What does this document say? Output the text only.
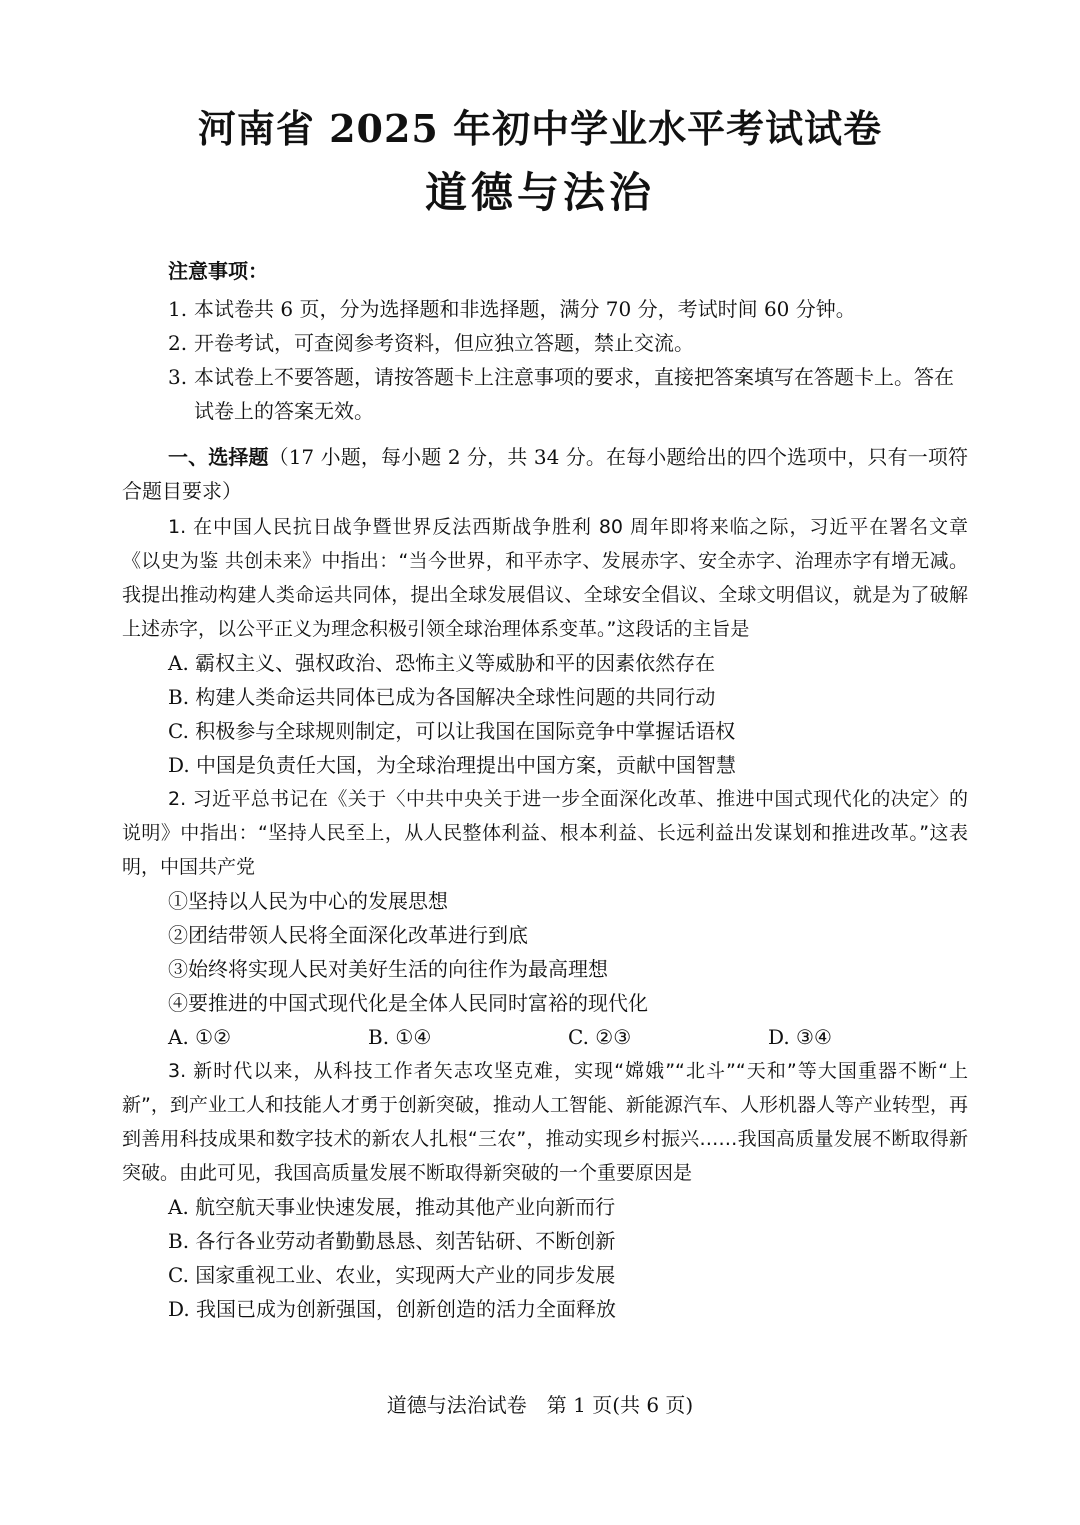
河南省 2025 年初中学业水平考试试卷
道德与法治
注意事项：
1. 本试卷共 6 页，分为选择题和非选择题，满分 70 分，考试时间 60 分钟。
2. 开卷考试，可查阅参考资料，但应独立答题，禁止交流。
3. 本试卷上不要答题，请按答题卡上注意事项的要求，直接把答案填写在答题卡上。答在试卷上的答案无效。

一、选择题（17 小题，每小题 2 分，共 34 分。在每小题给出的四个选项中，只有一项符合题目要求）

1. 在中国人民抗日战争暨世界反法西斯战争胜利 80 周年即将来临之际，习近平在署名文章《以史为鉴 共创未来》中指出：“当今世界，和平赤字、发展赤字、安全赤字、治理赤字有增无减。我提出推动构建人类命运共同体，提出全球发展倡议、全球安全倡议、全球文明倡议，就是为了破解上述赤字，以公平正义为理念积极引领全球治理体系变革。”这段话的主旨是

A. 霸权主义、强权政治、恐怖主义等威胁和平的因素依然存在

B. 构建人类命运共同体已成为各国解决全球性问题的共同行动

C. 积极参与全球规则制定，可以让我国在国际竞争中掌握话语权

D. 中国是负责任大国，为全球治理提出中国方案，贡献中国智慧

2. 习近平总书记在《关于〈中共中央关于进一步全面深化改革、推进中国式现代化的决定〉的说明》中指出：“坚持人民至上，从人民整体利益、根本利益、长远利益出发谋划和推进改革。”这表明，中国共产党

①坚持以人民为中心的发展思想

②团结带领人民将全面深化改革进行到底

③始终将实现人民对美好生活的向往作为最高理想

④要推进的中国式现代化是全体人民同时富裕的现代化

A. ①②	B. ①④	C. ②③	D. ③④

3. 新时代以来，从科技工作者矢志攻坚克难，实现“嫦娥”“北斗”“天和”等大国重器不断“上新”，到产业工人和技能人才勇于创新突破，推动人工智能、新能源汽车、人形机器人等产业转型，再到善用科技成果和数字技术的新农人扎根“三农”，推动实现乡村振兴……我国高质量发展不断取得新突破。由此可见，我国高质量发展不断取得新突破的一个重要原因是

A. 航空航天事业快速发展，推动其他产业向新而行

B. 各行各业劳动者勤勤恳恳、刻苦钻研、不断创新

C. 国家重视工业、农业，实现两大产业的同步发展

D. 我国已成为创新强国，创新创造的活力全面释放

道德与法治试卷　第 1 页(共 6 页)
